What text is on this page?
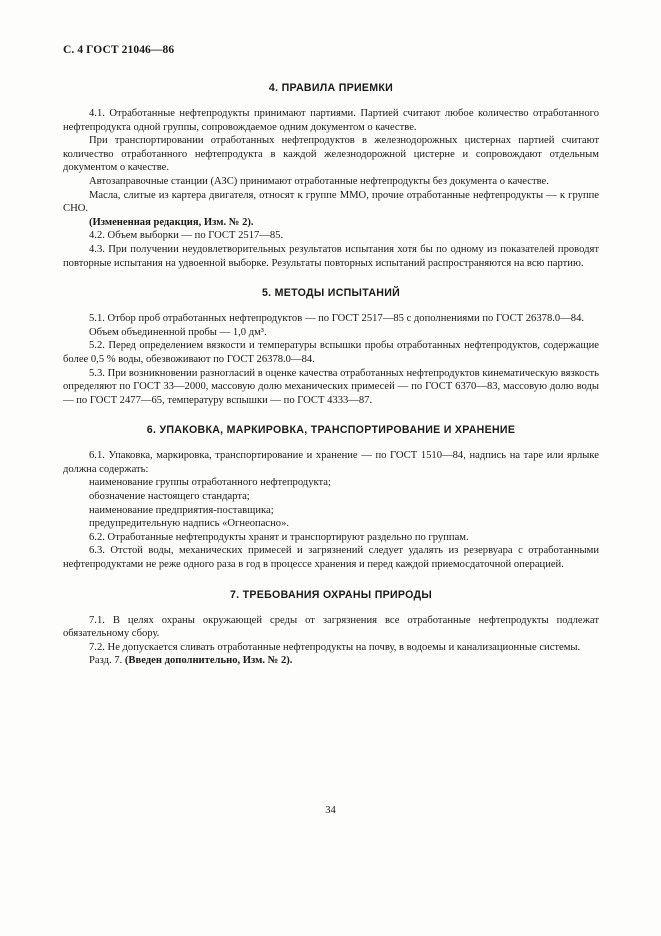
С. 4 ГОСТ 21046—86
4. ПРАВИЛА ПРИЕМКИ

4.1. Отработанные нефтепродукты принимают партиями. Партией считают любое количество отработанного нефтепродукта одной группы, сопровождаемое одним документом о качестве.

При транспортировании отработанных нефтепродуктов в железнодорожных цистернах партией считают количество отработанного нефтепродукта в каждой железнодорожной цистерне и сопровождают отдельным документом о качестве.

Автозаправочные станции (АЗС) принимают отработанные нефтепродукты без документа о качестве.

Масла, слитые из картера двигателя, относят к группе ММО, прочие отработанные нефтепродукты — к группе СНО.

(Измененная редакция, Изм. № 2).

4.2. Объем выборки — по ГОСТ 2517—85.

4.3. При получении неудовлетворительных результатов испытания хотя бы по одному из показателей проводят повторные испытания на удвоенной выборке. Результаты повторных испытаний распространяются на всю партию.

5. МЕТОДЫ ИСПЫТАНИЙ

5.1. Отбор проб отработанных нефтепродуктов — по ГОСТ 2517—85 с дополнениями по ГОСТ 26378.0—84.

Объем объединенной пробы — 1,0 дм³.

5.2. Перед определением вязкости и температуры вспышки пробы отработанных нефтепродуктов, содержащие более 0,5 % воды, обезвоживают по ГОСТ 26378.0—84.

5.3. При возникновении разногласий в оценке качества отработанных нефтепродуктов кинематическую вязкость определяют по ГОСТ 33—2000, массовую долю механических примесей — по ГОСТ 6370—83, массовую долю воды — по ГОСТ 2477—65, температуру вспышки — по ГОСТ 4333—87.

6. УПАКОВКА, МАРКИРОВКА, ТРАНСПОРТИРОВАНИЕ И ХРАНЕНИЕ

6.1. Упаковка, маркировка, транспортирование и хранение — по ГОСТ 1510—84, надпись на таре или ярлыке должна содержать:

наименование группы отработанного нефтепродукта;

обозначение настоящего стандарта;

наименование предприятия-поставщика;

предупредительную надпись «Огнеопасно».

6.2. Отработанные нефтепродукты хранят и транспортируют раздельно по группам.

6.3. Отстой воды, механических примесей и загрязнений следует удалять из резервуара с отработанными нефтепродуктами не реже одного раза в год в процессе хранения и перед каждой приемосдаточной операцией.

7. ТРЕБОВАНИЯ ОХРАНЫ ПРИРОДЫ

7.1. В целях охраны окружающей среды от загрязнения все отработанные нефтепродукты подлежат обязательному сбору.

7.2. Не допускается сливать отработанные нефтепродукты на почву, в водоемы и канализационные системы.

Разд. 7. (Введен дополнительно, Изм. № 2).

34
